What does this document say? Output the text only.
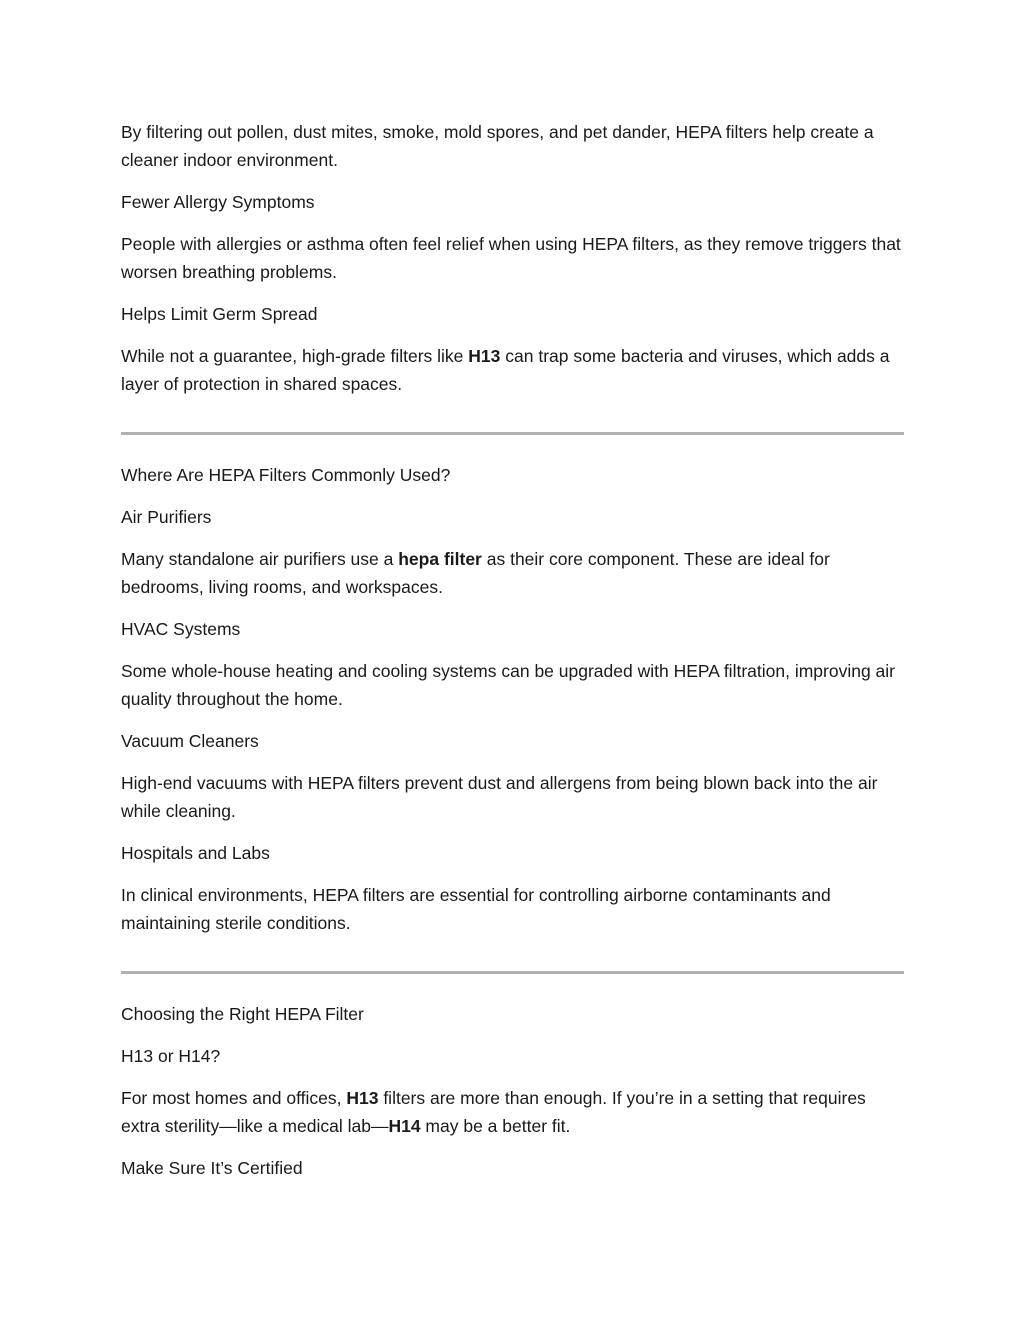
By filtering out pollen, dust mites, smoke, mold spores, and pet dander, HEPA filters help create a cleaner indoor environment.

Fewer Allergy Symptoms

People with allergies or asthma often feel relief when using HEPA filters, as they remove triggers that worsen breathing problems.

Helps Limit Germ Spread

While not a guarantee, high-grade filters like H13 can trap some bacteria and viruses, which adds a layer of protection in shared spaces.

Where Are HEPA Filters Commonly Used?

Air Purifiers

Many standalone air purifiers use a hepa filter as their core component. These are ideal for bedrooms, living rooms, and workspaces.

HVAC Systems

Some whole-house heating and cooling systems can be upgraded with HEPA filtration, improving air quality throughout the home.

Vacuum Cleaners

High-end vacuums with HEPA filters prevent dust and allergens from being blown back into the air while cleaning.

Hospitals and Labs

In clinical environments, HEPA filters are essential for controlling airborne contaminants and maintaining sterile conditions.

Choosing the Right HEPA Filter

H13 or H14?

For most homes and offices, H13 filters are more than enough. If you’re in a setting that requires extra sterility—like a medical lab—H14 may be a better fit.

Make Sure It’s Certified
